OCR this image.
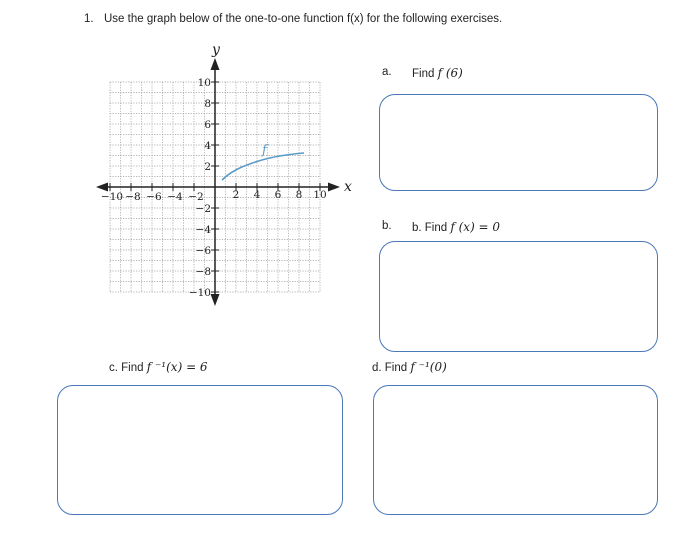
1. Use the graph below of the one-to-one function f(x) for the following exercises.
−10 −8 −6 −4 −2	2 4 6 8 10
10
8
6
4
2
−2
−4
−6
−8
−10
y
x
f
a. Find f (6)
b. b. Find f (x) = 0
c. Find f ⁻¹(x) = 6	d. Find f ⁻¹(0)
